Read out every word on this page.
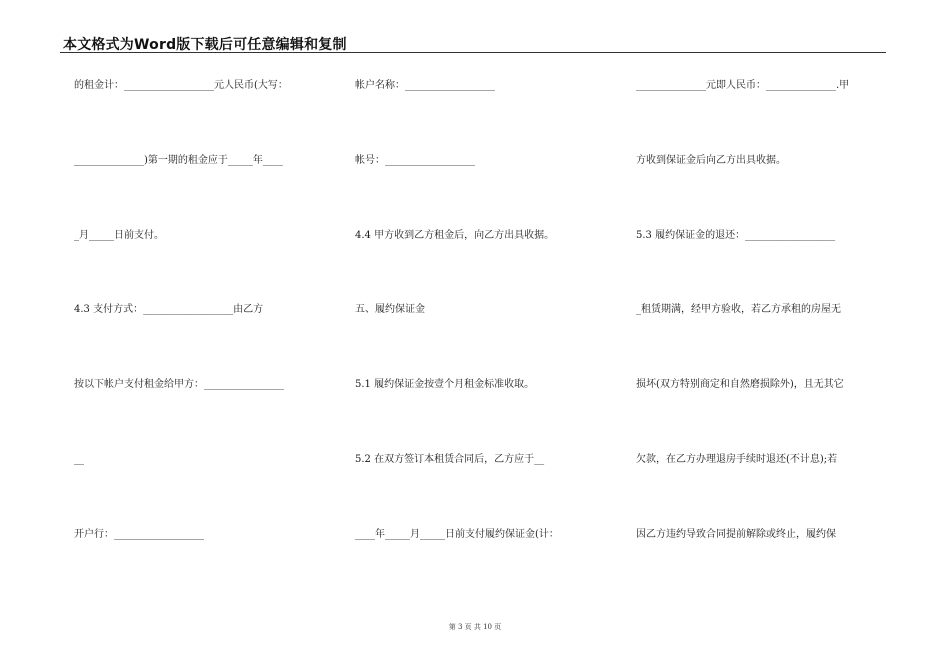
本文格式为Word版下载后可任意编辑和复制
的租金计：__________________元人民币(大写：
______________)第一期的租金应于_____年____
_月_____日前支付。
4.3 支付方式：__________________由乙方
按以下帐户支付租金给甲方：________________
__
开户行：__________________
帐户名称：__________________
帐号：__________________
4.4 甲方收到乙方租金后，向乙方出具收据。
五、履约保证金
5.1 履约保证金按壹个月租金标准收取。
5.2 在双方签订本租赁合同后，乙方应于__
____年_____月_____日前支付履约保证金(计：
______________元即人民币：______________.甲
方收到保证金后向乙方出具收据。
5.3 履约保证金的退还：__________________
_租赁期满，经甲方验收，若乙方承租的房屋无
损坏(双方特别商定和自然磨损除外)，且无其它
欠款，在乙方办理退房手续时退还(不计息);若
因乙方违约导致合同提前解除或终止，履约保
第 3 页 共 10 页
